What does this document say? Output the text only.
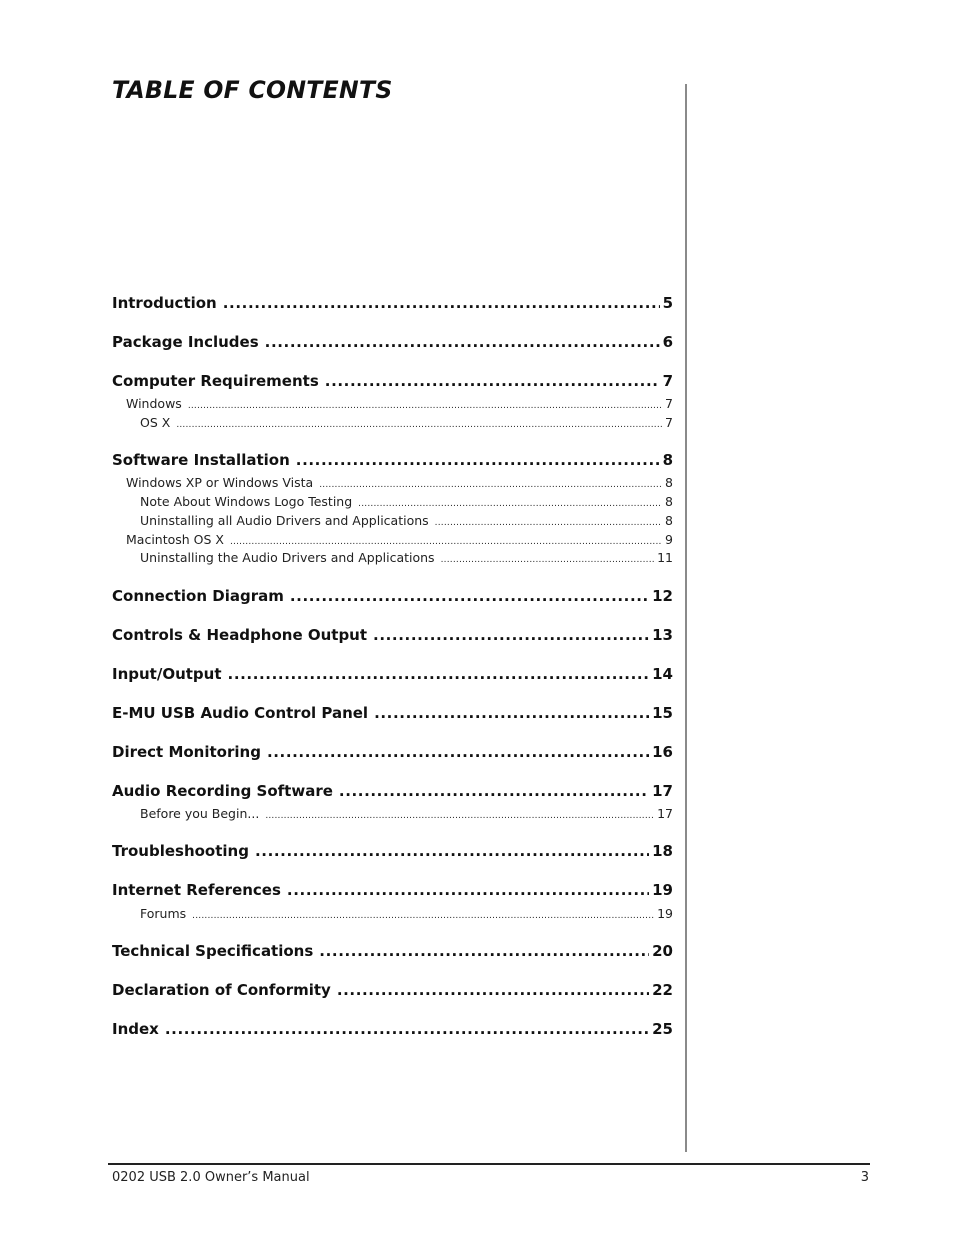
TABLE OF CONTENTS
Introduction .....	5
Package Includes .....	6
Computer Requirements .....	7
Windows .....	7
OS X .....	7
Software Installation .....	8
Windows XP or Windows Vista .....	8
Note About Windows Logo Testing .....	8
Uninstalling all Audio Drivers and Applications .....	8
Macintosh OS X .....	9
Uninstalling the Audio Drivers and Applications .....	11
Connection Diagram .....	12
Controls & Headphone Output .....	13
Input/Output .....	14
E-MU USB Audio Control Panel .....	15
Direct Monitoring .....	16
Audio Recording Software .....	17
Before you Begin... .....	17
Troubleshooting .....	18
Internet References .....	19
Forums .....	19
Technical Specifications .....	20
Declaration of Conformity .....	22
Index .....	25
0202 USB 2.0 Owner’s Manual	3
